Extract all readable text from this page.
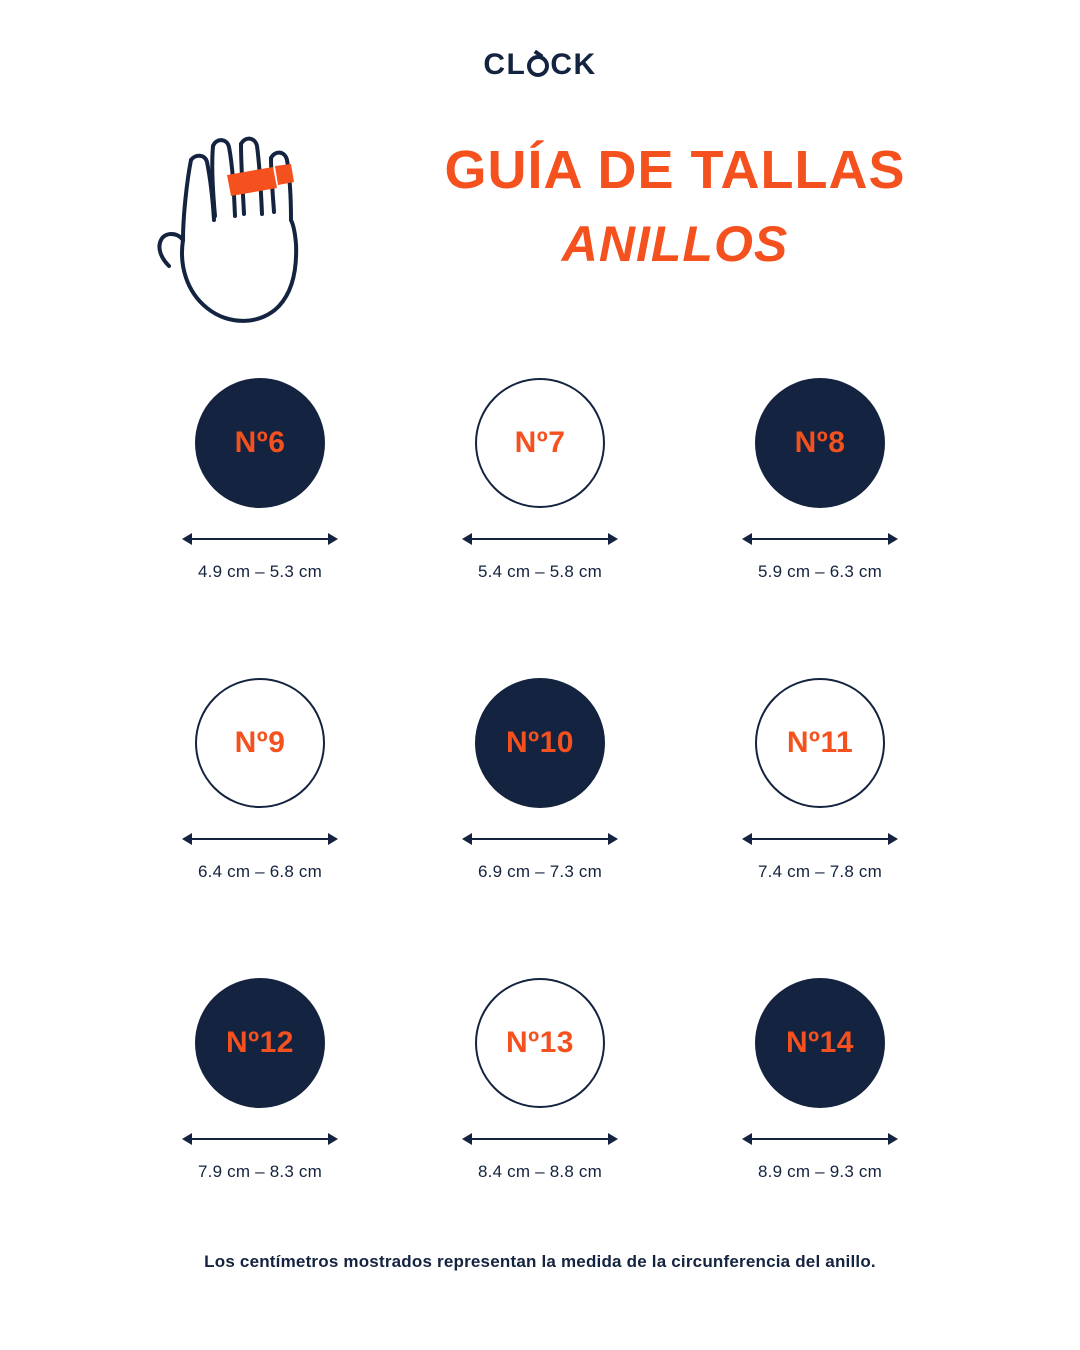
CL CK
GUÍA DE TALLAS
ANILLOS
Nº6
4.9 cm – 5.3 cm
Nº7
5.4 cm – 5.8 cm
Nº8
5.9 cm – 6.3 cm
Nº9
6.4 cm – 6.8 cm
Nº10
6.9 cm – 7.3 cm
Nº11
7.4 cm – 7.8 cm
Nº12
7.9 cm – 8.3 cm
Nº13
8.4 cm – 8.8 cm
Nº14
8.9 cm – 9.3 cm
Los centímetros mostrados representan la medida de la circunferencia del anillo.
